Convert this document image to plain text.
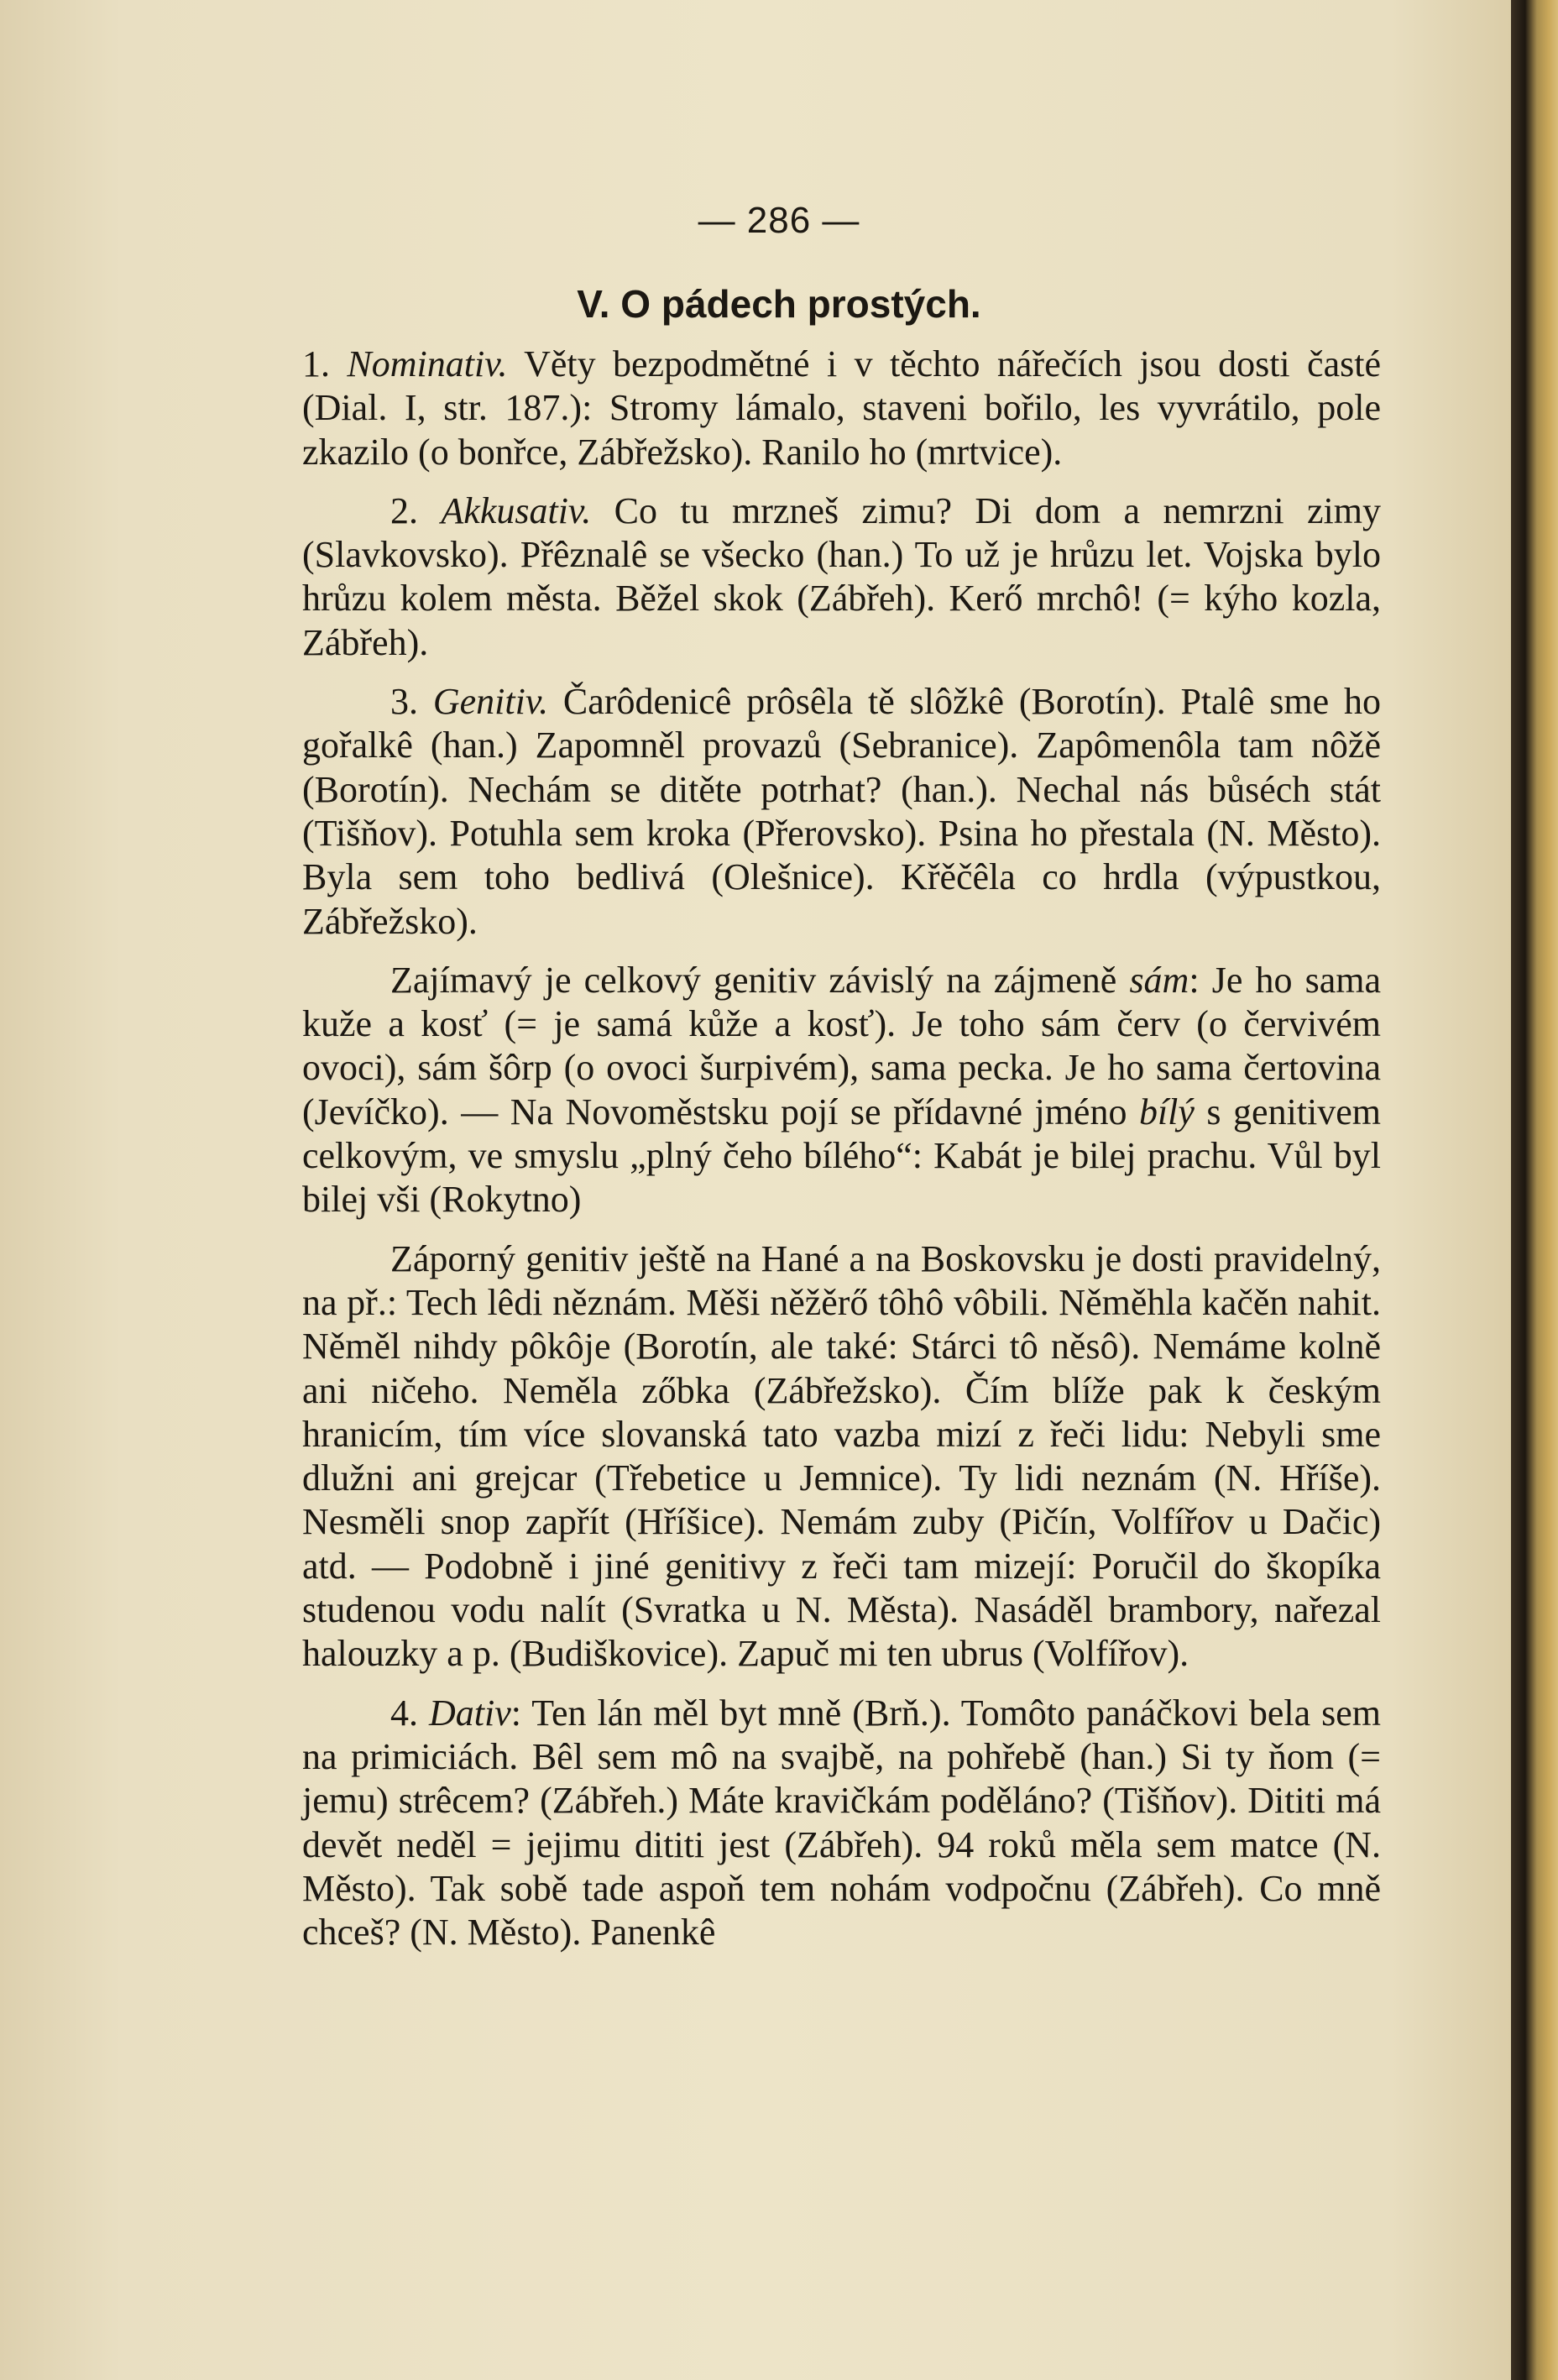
— 286 —
V. O pádech prostých.

1. Nominativ. Věty bezpodmětné i v těchto nářečích jsou dosti časté (Dial. I, str. 187.): Stromy lámalo, staveni bořilo, les vyvrátilo, pole zkazilo (o bonřce, Zábřežsko). Ranilo ho (mrtvice).

2. Akkusativ. Co tu mrzneš zimu? Di dom a nemrzni zimy (Slavkovsko). Přêznalê se všecko (han.) To už je hrůzu let. Vojska bylo hrůzu kolem města. Běžel skok (Zábřeh). Kerő mrchô! (= kýho kozla, Zábřeh).

3. Genitiv. Čarôdenicê prôsêla tě slôžkê (Borotín). Ptalê sme ho gořalkê (han.) Zapomněl provazů (Sebranice). Zapômenôla tam nôžě (Borotín). Nechám se ditěte potrhat? (han.). Nechal nás bůséch stát (Tišňov). Potuhla sem kroka (Přerovsko). Psina ho přestala (N. Město). Byla sem toho bedlivá (Olešnice). Křěčêla co hrdla (výpustkou, Zábřežsko).

Zajímavý je celkový genitiv závislý na zájmeně sám: Je ho sama kuže a kosť (= je samá kůže a kosť). Je toho sám červ (o červivém ovoci), sám šôrp (o ovoci šurpivém), sama pecka. Je ho sama čertovina (Jevíčko). — Na Novoměstsku pojí se přídavné jméno bílý s genitivem celkovým, ve smyslu „plný čeho bílého“: Kabát je bilej prachu. Vůl byl bilej vši (Rokytno)

Záporný genitiv ještě na Hané a na Boskovsku je dosti pravidelný, na př.: Tech lêdi něznám. Měši něžěrő tôhô vôbili. Něměhla kačěn nahit. Něměl nihdy pôkôje (Borotín, ale také: Stárci tô něsô). Nemáme kolně ani ničeho. Neměla zőbka (Zábřežsko). Čím blíže pak k českým hranicím, tím více slovanská tato vazba mizí z řeči lidu: Nebyli sme dlužni ani grejcar (Třebetice u Jemnice). Ty lidi neznám (N. Hříše). Nesměli snop zapřít (Hříšice). Nemám zuby (Pičín, Volfířov u Dačic) atd. — Podobně i jiné genitivy z řeči tam mizejí: Poručil do škopíka studenou vodu nalít (Svratka u N. Města). Nasáděl brambory, nařezal halouzky a p. (Budiškovice). Zapuč mi ten ubrus (Volfířov).

4. Dativ: Ten lán měl byt mně (Brň.). Tomôto panáčkovi bela sem na primiciách. Bêl sem mô na svajbě, na pohřebě (han.) Si ty ňom (= jemu) strêcem? (Zábřeh.) Máte kravičkám poděláno? (Tišňov). Dititi má devět neděl = jejimu dititi jest (Zábřeh). 94 roků měla sem matce (N. Město). Tak sobě tade aspoň tem nohám vodpočnu (Zábřeh). Co mně chceš? (N. Město). Panenkê
